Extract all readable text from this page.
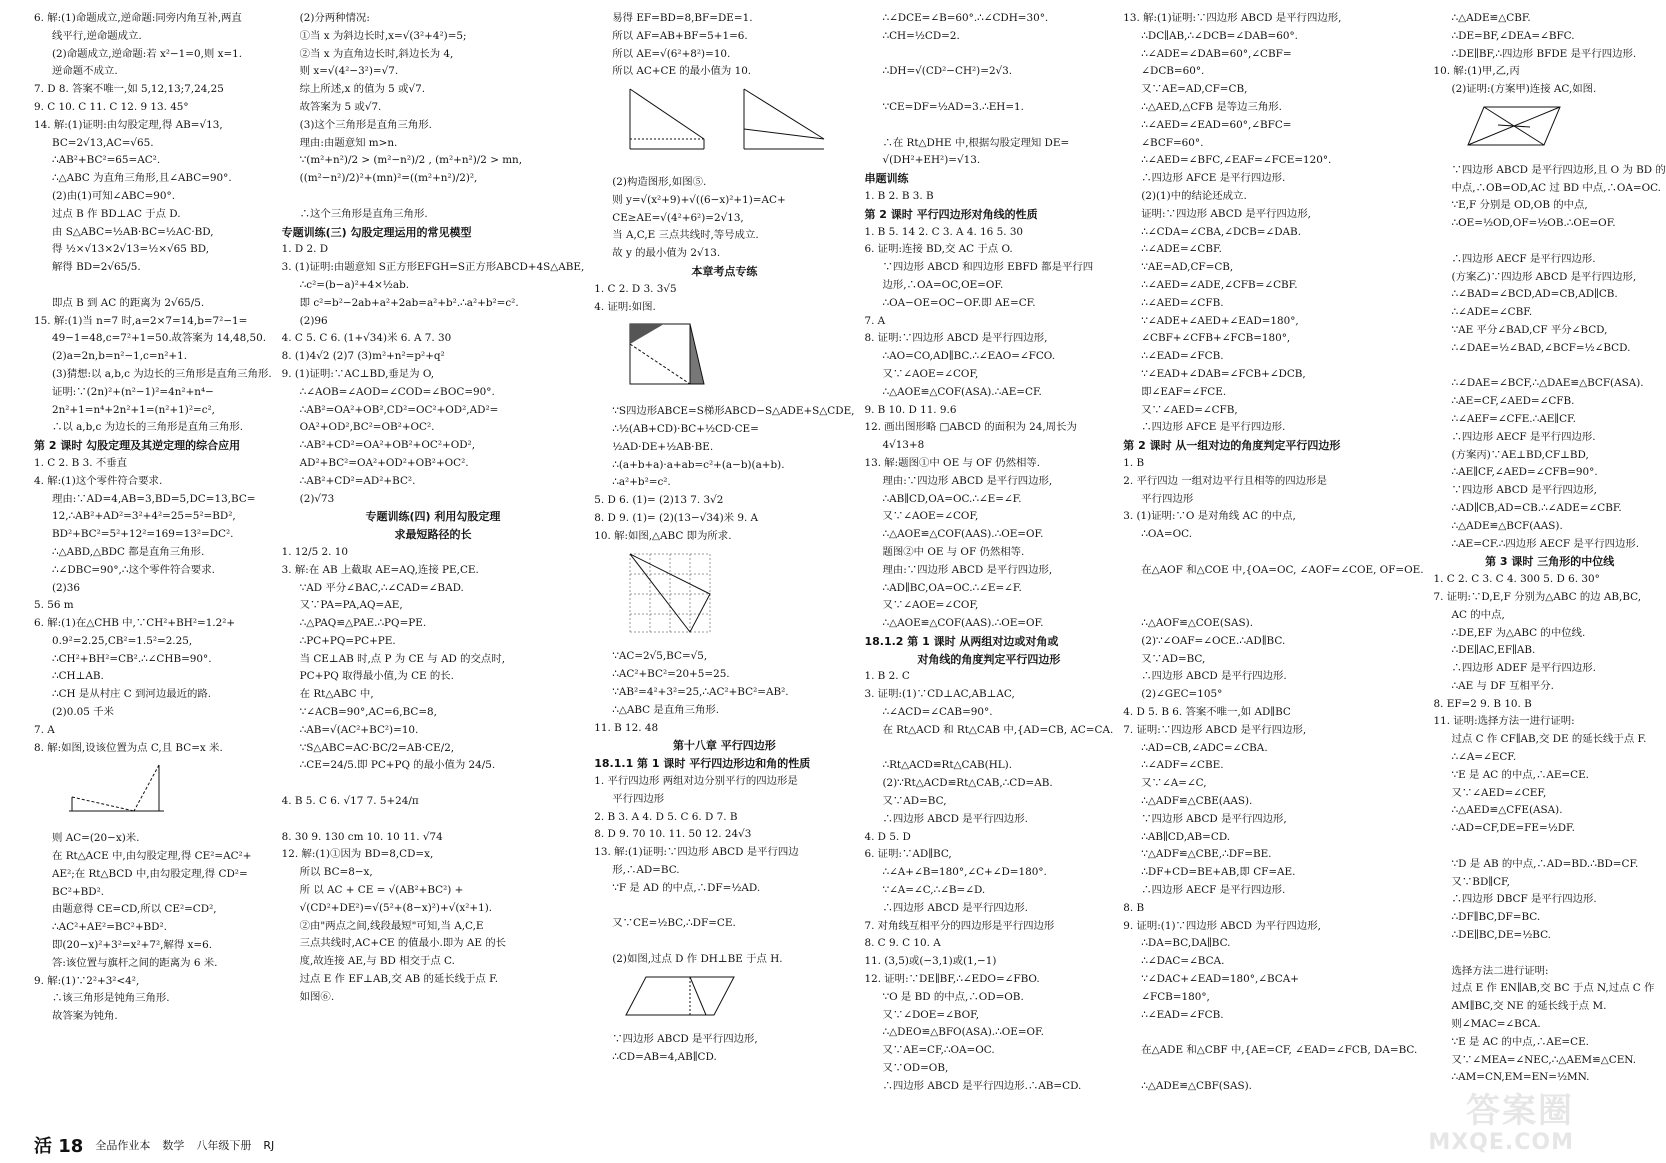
6. 解:(1)命题成立,逆命题:同旁内角互补,两直
线平行,逆命题成立.
(2)命题成立,逆命题:若 x²−1=0,则 x=1.
逆命题不成立.
7. D 8. 答案不唯一,如 5,12,13;7,24,25
9. C 10. C 11. C 12. 9 13. 45°
14. 解:(1)证明:由勾股定理,得 AB=√13,
BC=2√13,AC=√65.
∴AB²+BC²=65=AC².
∴△ABC 为直角三角形,且∠ABC=90°.
(2)由(1)可知∠ABC=90°.
过点 B 作 BD⊥AC 于点 D.
由 S△ABC=½AB·BC=½AC·BD,
得 ½×√13×2√13=½×√65 BD,
解得 BD=2√65/5.

即点 B 到 AC 的距离为 2√65/5.
15. 解:(1)当 n=7 时,a=2×7=14,b=7²−1=
49−1=48,c=7²+1=50.故答案为 14,48,50.
(2)a=2n,b=n²−1,c=n²+1.
(3)猜想:以 a,b,c 为边长的三角形是直角三角形.
证明:∵(2n)²+(n²−1)²=4n²+n⁴−
2n²+1=n⁴+2n²+1=(n²+1)²=c²,
∴以 a,b,c 为边长的三角形是直角三角形.
第 2 课时 勾股定理及其逆定理的综合应用
1. C 2. B 3. 不垂直
4. 解:(1)这个零件符合要求.
理由:∵AD=4,AB=3,BD=5,DC=13,BC=
12,∴AB²+AD²=3²+4²=25=5²=BD²,
BD²+BC²=5²+12²=169=13²=DC².
∴△ABD,△BDC 都是直角三角形.
∴∠DBC=90°,∴这个零件符合要求.
(2)36
5. 56 m
6. 解:(1)在△CHB 中,∵CH²+BH²=1.2²+
0.9²=2.25,CB²=1.5²=2.25,
∴CH²+BH²=CB².∴∠CHB=90°.
∴CH⊥AB.
∴CH 是从村庄 C 到河边最近的路.
(2)0.05 千米
7. A
8. 解:如图,设该位置为点 C,且 BC=x 米.
则 AC=(20−x)米.
在 Rt△ACE 中,由勾股定理,得 CE²=AC²+
AE²;在 Rt△BCD 中,由勾股定理,得 CD²=
BC²+BD².
由题意得 CE=CD,所以 CE²=CD²,
∴AC²+AE²=BC²+BD².
即(20−x)²+3²=x²+7²,解得 x=6.
答:该位置与旗杆之间的距离为 6 米.
9. 解:(1)∵2²+3²<4²,
∴该三角形是钝角三角形.
故答案为钝角.
(2)分两种情况:
①当 x 为斜边长时,x=√(3²+4²)=5;
②当 x 为直角边长时,斜边长为 4,
则 x=√(4²−3²)=√7.
综上所述,x 的值为 5 或√7.
故答案为 5 或√7.
(3)这个三角形是直角三角形.
理由:由题意知 m>n.
∵(m²+n²)/2 > (m²−n²)/2 , (m²+n²)/2 > mn,
((m²−n²)/2)²+(mn)²=((m²+n²)/2)²,

∴这个三角形是直角三角形.
专题训练(三) 勾股定理运用的常见模型
1. D 2. D
3. (1)证明:由题意知 S正方形EFGH=S正方形ABCD+4S△ABE,
∴c²=(b−a)²+4×½ab.
即 c²=b²−2ab+a²+2ab=a²+b².∴a²+b²=c².
(2)96
4. C 5. C 6. (1+√34)米 6. A 7. 30
8. (1)4√2 (2)7 (3)m²+n²=p²+q²
9. (1)证明:∵AC⊥BD,垂足为 O,
∴∠AOB=∠AOD=∠COD=∠BOC=90°.
∴AB²=OA²+OB²,CD²=OC²+OD²,AD²=
OA²+OD²,BC²=OB²+OC².
∴AB²+CD²=OA²+OB²+OC²+OD²,
AD²+BC²=OA²+OD²+OB²+OC².
∴AB²+CD²=AD²+BC².
(2)√73
专题训练(四) 利用勾股定理
求最短路径的长
1. 12/5 2. 10
3. 解:在 AB 上截取 AE=AQ,连接 PE,CE.
∵AD 平分∠BAC,∴∠CAD=∠BAD.
又∵PA=PA,AQ=AE,
∴△PAQ≌△PAE.∴PQ=PE.
∴PC+PQ=PC+PE.
当 CE⊥AB 时,点 P 为 CE 与 AD 的交点时,
PC+PQ 取得最小值,为 CE 的长.
在 Rt△ABC 中,
∵∠ACB=90°,AC=6,BC=8,
∴AB=√(AC²+BC²)=10.
∵S△ABC=AC·BC/2=AB·CE/2,
∴CE=24/5.即 PC+PQ 的最小值为 24/5.

4. B 5. C 6. √17 7. 5+24/π

8. 30 9. 130 cm 10. 10 11. √74
12. 解:(1)①因为 BD=8,CD=x,
所以 BC=8−x,
所 以 AC + CE = √(AB²+BC²) +
√(CD²+DE²)=√(5²+(8−x)²)+√(x²+1).
②由"两点之间,线段最短"可知,当 A,C,E
三点共线时,AC+CE 的值最小.即为 AE 的长
度,故连接 AE,与 BD 相交于点 C.
过点 E 作 EF⊥AB,交 AB 的延长线于点 F.
如图⑥.
易得 EF=BD=8,BF=DE=1.
所以 AF=AB+BF=5+1=6.
所以 AE=√(6²+8²)=10.
所以 AC+CE 的最小值为 10.
(2)构造图形,如图⑤.
则 y=√(x²+9)+√((6−x)²+1)=AC+
CE≥AE=√(4²+6²)=2√13,
当 A,C,E 三点共线时,等号成立.
故 y 的最小值为 2√13.
本章考点专练
1. C 2. D 3. 3√5
4. 证明:如图.
∵S四边形ABCE=S梯形ABCD−S△ADE+S△CDE,
∴½(AB+CD)·BC+½CD·CE=
½AD·DE+½AB·BE.
∴(a+b+a)·a+ab=c²+(a−b)(a+b).
∴a²+b²=c².
5. D 6. (1)= (2)13 7. 3√2
8. D 9. (1)= (2)(13−√34)米 9. A
10. 解:如图,△ABC 即为所求.
∵AC=2√5,BC=√5,
∴AC²+BC²=20+5=25.
∵AB²=4²+3²=25,∴AC²+BC²=AB².
∴△ABC 是直角三角形.
11. B 12. 48
第十八章 平行四边形
18.1.1 第 1 课时 平行四边形边和角的性质
1. 平行四边形 两组对边分别平行的四边形是
平行四边形
2. B 3. A 4. D 5. C 6. D 7. B
8. D 9. 70 10. 11. 50 12. 24√3
13. 解:(1)证明:∵四边形 ABCD 是平行四边
形,∴AD=BC.
∵F 是 AD 的中点,∴DF=½AD.

又∵CE=½BC,∴DF=CE.

(2)如图,过点 D 作 DH⊥BE 于点 H.
∵四边形 ABCD 是平行四边形,
∴CD=AB=4,AB∥CD.
∴∠DCE=∠B=60°.∴∠CDH=30°.
∴CH=½CD=2.

∴DH=√(CD²−CH²)=2√3.

∵CE=DF=½AD=3.∴EH=1.

∴在 Rt△DHE 中,根据勾股定理知 DE=
√(DH²+EH²)=√13.
串题训练
1. B 2. B 3. B
第 2 课时 平行四边形对角线的性质
1. B 5. 14 2. C 3. A 4. 16 5. 30
6. 证明:连接 BD,交 AC 于点 O.
∵四边形 ABCD 和四边形 EBFD 都是平行四
边形,∴OA=OC,OE=OF.
∴OA−OE=OC−OF.即 AE=CF.
7. A
8. 证明:∵四边形 ABCD 是平行四边形,
∴AO=CO,AD∥BC.∴∠EAO=∠FCO.
又∵∠AOE=∠COF,
∴△AOE≌△COF(ASA).∴AE=CF.
9. B 10. D 11. 9.6
12. 画出图形略 □ABCD 的面积为 24,周长为
4√13+8
13. 解:题图①中 OE 与 OF 仍然相等.
理由:∵四边形 ABCD 是平行四边形,
∴AB∥CD,OA=OC.∴∠E=∠F.
又∵∠AOE=∠COF,
∴△AOE≌△COF(AAS).∴OE=OF.
题图②中 OE 与 OF 仍然相等.
理由:∵四边形 ABCD 是平行四边形,
∴AD∥BC,OA=OC.∴∠E=∠F.
又∵∠AOE=∠COF,
∴△AOE≌△COF(AAS).∴OE=OF.
18.1.2 第 1 课时 从两组对边或对角或
对角线的角度判定平行四边形
1. B 2. C
3. 证明:(1)∵CD⊥AC,AB⊥AC,
∴∠ACD=∠CAB=90°.
在 Rt△ACD 和 Rt△CAB 中,{AD=CB, AC=CA.

∴Rt△ACD≌Rt△CAB(HL).
(2)∵Rt△ACD≌Rt△CAB,∴CD=AB.
又∵AD=BC,
∴四边形 ABCD 是平行四边形.
4. D 5. D
6. 证明:∵AD∥BC,
∴∠A+∠B=180°,∠C+∠D=180°.
∵∠A=∠C,∴∠B=∠D.
∴四边形 ABCD 是平行四边形.
7. 对角线互相平分的四边形是平行四边形
8. C 9. C 10. A
11. (3,5)或(−3,1)或(1,−1)
12. 证明:∵DE∥BF,∴∠EDO=∠FBO.
∵O 是 BD 的中点,∴OD=OB.
又∵∠DOE=∠BOF,
∴△DEO≌△BFO(ASA).∴OE=OF.
又∵AE=CF,∴OA=OC.
又∵OD=OB,
∴四边形 ABCD 是平行四边形.∴AB=CD.
13. 解:(1)证明:∵四边形 ABCD 是平行四边形,
∴DC∥AB,∴∠DCB=∠DAB=60°.
∴∠ADE=∠DAB=60°,∠CBF=
∠DCB=60°.
又∵AE=AD,CF=CB,
∴△AED,△CFB 是等边三角形.
∴∠AED=∠EAD=60°,∠BFC=
∠BCF=60°.
∴∠AED=∠BFC,∠EAF=∠FCE=120°.
∴四边形 AFCE 是平行四边形.
(2)(1)中的结论还成立.
证明:∵四边形 ABCD 是平行四边形,
∴∠CDA=∠CBA,∠DCB=∠DAB.
∴∠ADE=∠CBF.
∵AE=AD,CF=CB,
∴∠AED=∠ADE,∠CFB=∠CBF.
∴∠AED=∠CFB.
∵∠ADE+∠AED+∠EAD=180°,
∠CBF+∠CFB+∠FCB=180°,
∴∠EAD=∠FCB.
∵∠EAD+∠DAB=∠FCB+∠DCB,
即∠EAF=∠FCE.
又∵∠AED=∠CFB,
∴四边形 AFCE 是平行四边形.
第 2 课时 从一组对边的角度判定平行四边形
1. B
2. 平行四边 一组对边平行且相等的四边形是
平行四边形
3. (1)证明:∵O 是对角线 AC 的中点,
∴OA=OC.

在△AOF 和△COE 中,{OA=OC, ∠AOF=∠COE, OF=OE.

∴△AOF≌△COE(SAS).
(2)∵∠OAF=∠OCE.∴AD∥BC.
又∵AD=BC,
∴四边形 ABCD 是平行四边形.
(2)∠GEC=105°
4. D 5. B 6. 答案不唯一,如 AD∥BC
7. 证明:∵四边形 ABCD 是平行四边形,
∴AD=CB,∠ADC=∠CBA.
∴∠ADF=∠CBE.
又∵∠A=∠C,
∴△ADF≌△CBE(AAS).
∵四边形 ABCD 是平行四边形,
∴AB∥CD,AB=CD.
∵△ADF≌△CBE,∴DF=BE.
∴DF+CD=BE+AB,即 CF=AE.
∴四边形 AECF 是平行四边形.
8. B
9. 证明:(1)∵四边形 ABCD 为平行四边形,
∴DA=BC,DA∥BC.
∴∠DAC=∠BCA.
∵∠DAC+∠EAD=180°,∠BCA+
∠FCB=180°,
∴∠EAD=∠FCB.

在△ADE 和△CBF 中,{AE=CF, ∠EAD=∠FCB, DA=BC.

∴△ADE≌△CBF(SAS).
∴△ADE≌△CBF.
∴DE=BF,∠DEA=∠BFC.
∴DE∥BF,∴四边形 BFDE 是平行四边形.
10. 解:(1)甲,乙,丙
(2)证明:(方案甲)连接 AC,如图.
∵四边形 ABCD 是平行四边形,且 O 为 BD 的
中点,∴OB=OD,AC 过 BD 中点,∴OA=OC.
∵E,F 分别是 OD,OB 的中点,
∴OE=½OD,OF=½OB.∴OE=OF.

∴四边形 AECF 是平行四边形.
(方案乙)∵四边形 ABCD 是平行四边形,
∴∠BAD=∠BCD,AD=CB,AD∥CB.
∴∠ADE=∠CBF.
∵AE 平分∠BAD,CF 平分∠BCD,
∴∠DAE=½∠BAD,∠BCF=½∠BCD.

∴∠DAE=∠BCF,∴△DAE≌△BCF(ASA).
∴AE=CF,∠AED=∠CFB.
∴∠AEF=∠CFE.∴AE∥CF.
∴四边形 AECF 是平行四边形.
(方案丙)∵AE⊥BD,CF⊥BD,
∴AE∥CF,∠AED=∠CFB=90°.
∵四边形 ABCD 是平行四边形,
∴AD∥CB,AD=CB.∴∠ADE=∠CBF.
∴△ADE≌△BCF(AAS).
∴AE=CF.∴四边形 AECF 是平行四边形.
第 3 课时 三角形的中位线
1. C 2. C 3. C 4. 300 5. D 6. 30°
7. 证明:∵D,E,F 分别为△ABC 的边 AB,BC,
AC 的中点,
∴DE,EF 为△ABC 的中位线.
∴DE∥AC,EF∥AB.
∴四边形 ADEF 是平行四边形.
∴AE 与 DF 互相平分.
8. EF=2 9. B 10. B
11. 证明:选择方法一进行证明:
过点 C 作 CF∥AB,交 DE 的延长线于点 F.
∴∠A=∠ECF.
∵E 是 AC 的中点,∴AE=CE.
又∵∠AED=∠CEF,
∴△AED≌△CFE(ASA).
∴AD=CF,DE=FE=½DF.

∵D 是 AB 的中点,∴AD=BD.∴BD=CF.
又∵BD∥CF,
∴四边形 DBCF 是平行四边形.
∴DF∥BC,DF=BC.
∴DE∥BC,DE=½BC.

选择方法二进行证明:
过点 E 作 EN∥AB,交 BC 于点 N,过点 C 作
AM∥BC,交 NE 的延长线于点 M.
则∠MAC=∠BCA.
∵E 是 AC 的中点,∴AE=CE.
又∵∠MEA=∠NEC,∴△AEM≌△CEN.
∴AM=CN,EM=EN=½MN.
活 18 全品作业本 数学 八年级下册 RJ
答案圈
MXQE.COM
